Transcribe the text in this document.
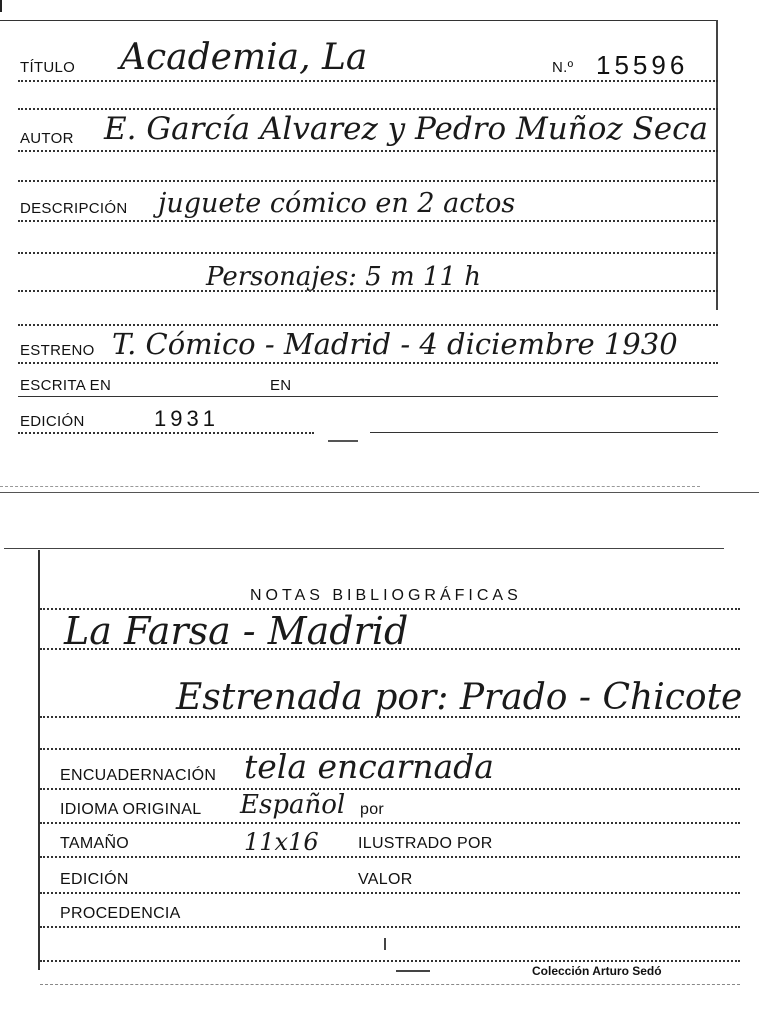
TÍTULO Academia, La	N.º 15596
AUTOR E. García Alvarez y Pedro Muñoz Seca
DESCRIPCIÓN juguete cómico en 2 actos
Personajes: 5 m 11 h
ESTRENO T. Cómico - Madrid - 4 diciembre 1930
ESCRITA EN	EN
EDICIÓN	1931
NOTAS BIBLIOGRÁFICAS
La Farsa - Madrid
Estrenada por: Prado - Chicote
ENCUADERNACIÓN tela encarnada
IDIOMA ORIGINAL Español por
TAMAÑO	11x16 ILUSTRADO POR
EDICIÓN	VALOR
PROCEDENCIA
Colección Arturo Sedó
